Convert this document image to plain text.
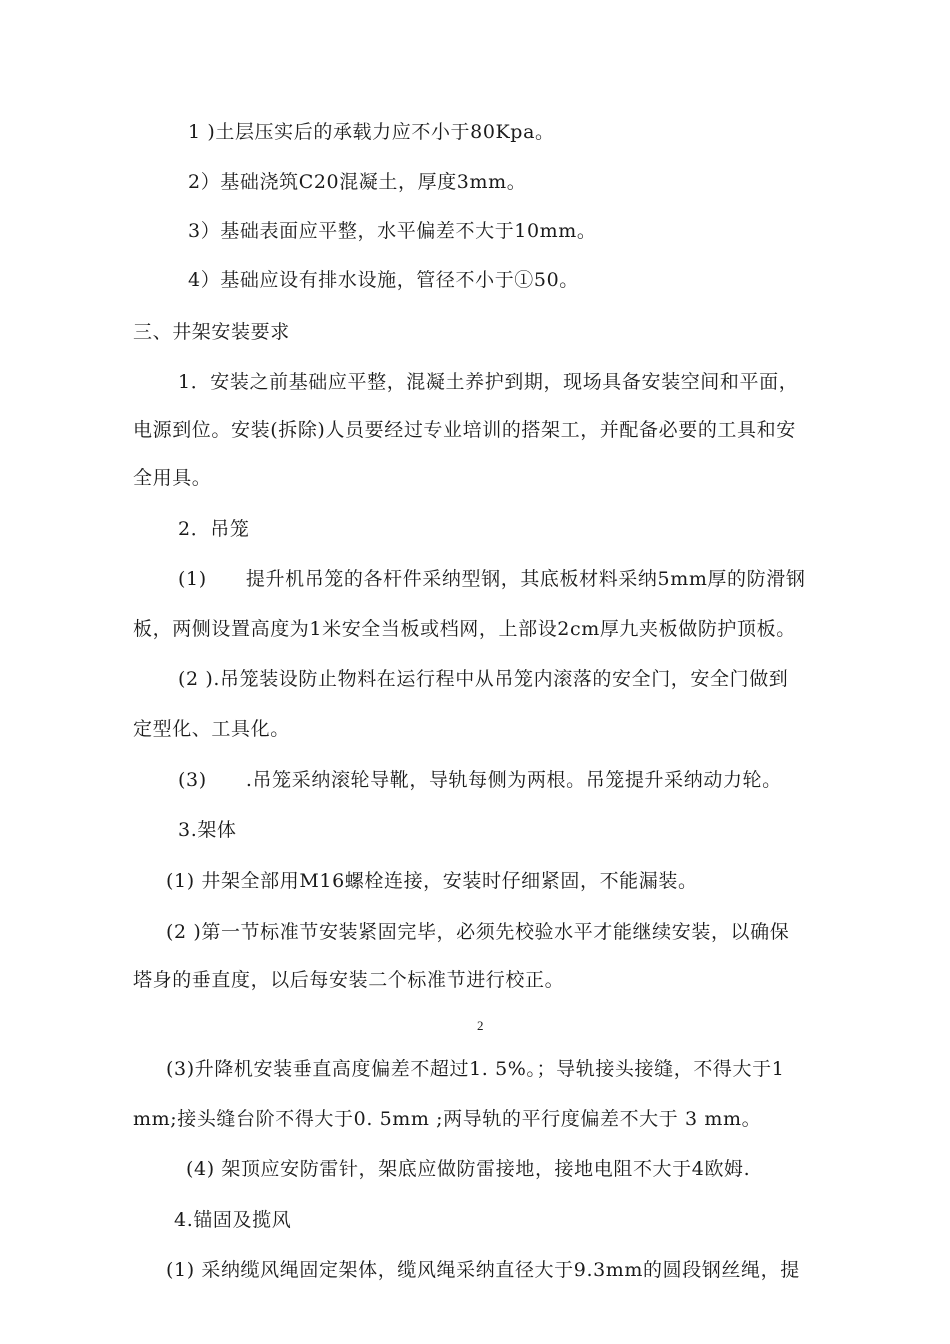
1 )土层压实后的承载力应不小于80Kpa。
2）基础浇筑C20混凝土，厚度3mm。
3）基础表面应平整，水平偏差不大于10mm。
4）基础应设有排水设施，管径不小于①50。
三、井架安装要求
1．安装之前基础应平整，混凝土养护到期，现场具备安装空间和平面，
电源到位。安装(拆除)人员要经过专业培训的搭架工，并配备必要的工具和安
全用具。
2．吊笼
(1)　　提升机吊笼的各杆件采纳型钢，其底板材料采纳5mm厚的防滑钢
板，两侧设置高度为1米安全当板或档网，上部设2cm厚九夹板做防护顶板。
(2 ).吊笼装设防止物料在运行程中从吊笼内滚落的安全门，安全门做到
定型化、工具化。
(3)　　.吊笼采纳滚轮导靴，导轨每侧为两根。吊笼提升采纳动力轮。
3.架体
(1) 井架全部用M16螺栓连接，安装时仔细紧固，不能漏装。
(2 )第一节标准节安装紧固完毕，必须先校验水平才能继续安装，以确保
塔身的垂直度，以后每安装二个标准节进行校正。
2
(3)升降机安装垂直高度偏差不超过1. 5%。；导轨接头接缝，不得大于1
mm;接头缝台阶不得大于0. 5mm ;两导轨的平行度偏差不大于 3 mm。
(4) 架顶应安防雷针，架底应做防雷接地，接地电阻不大于4欧姆.
4.锚固及揽风
(1) 采纳缆风绳固定架体，缆风绳采纳直径大于9.3mm的圆段钢丝绳，提
